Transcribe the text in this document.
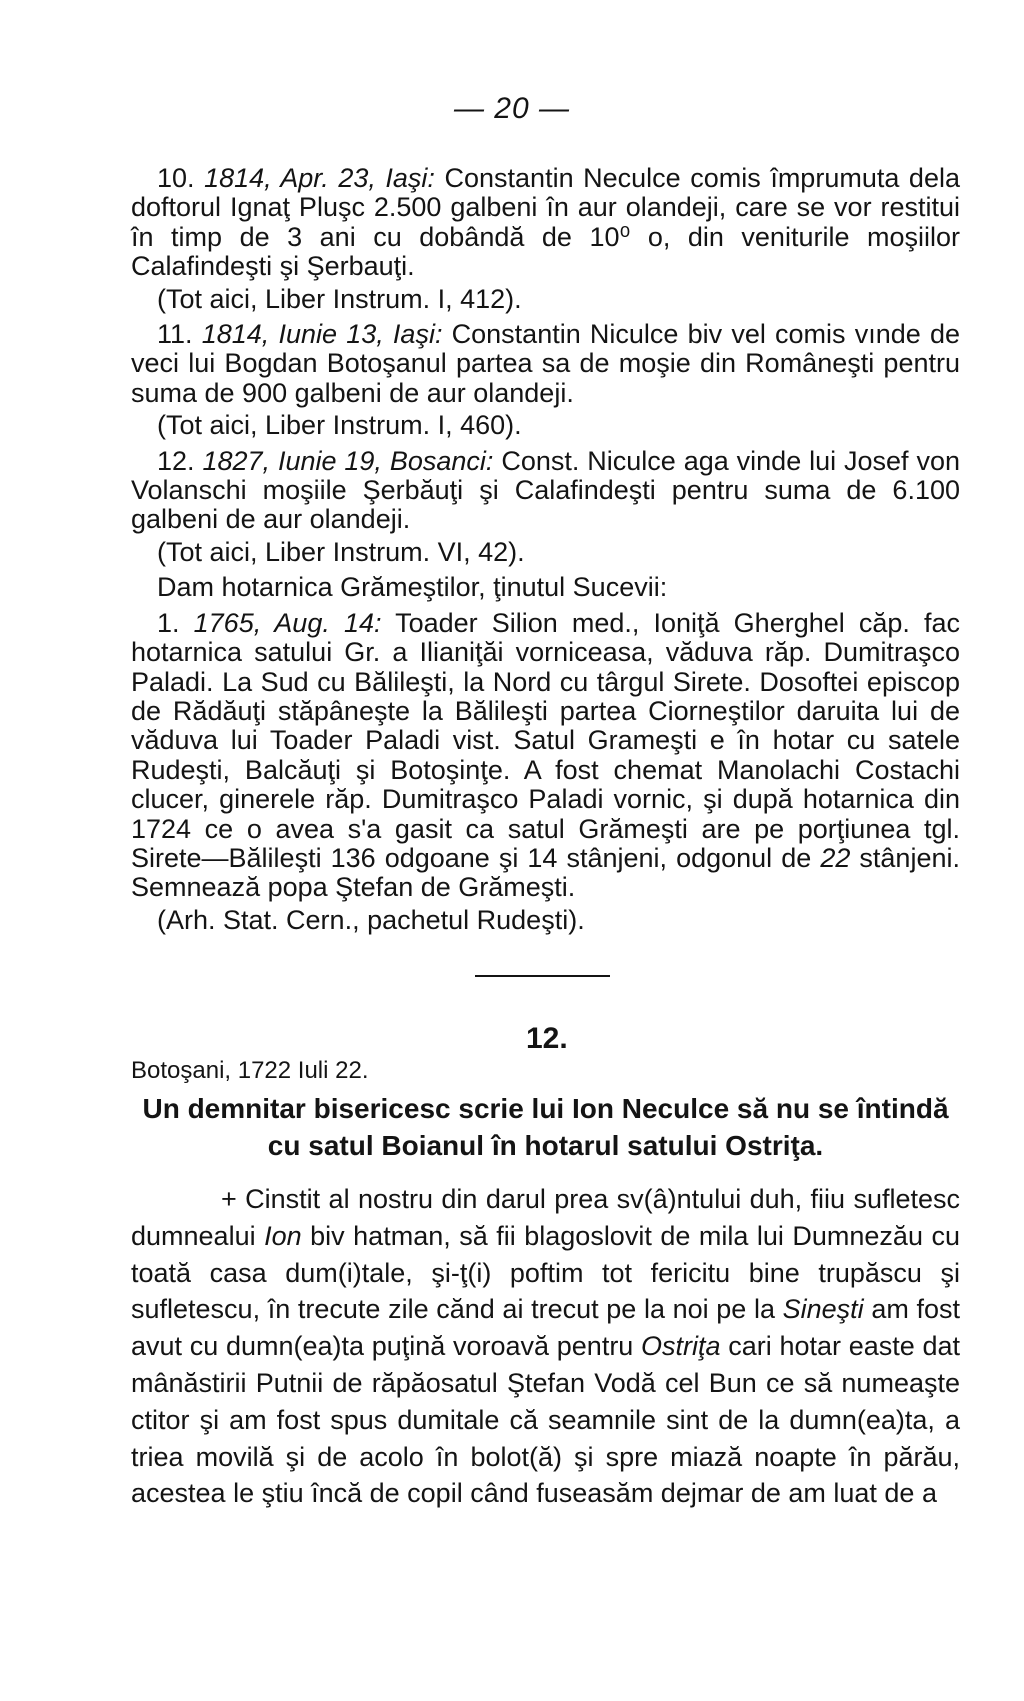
— 20 —

10. 1814, Apr. 23, Iaşi: Constantin Neculce comis împrumuta dela doftorul Ignaţ Pluşc 2.500 galbeni în aur olandeji, care se vor restitui în timp de 3 ani cu dobândă de 10⁰ o, din veniturile moşiilor Calafindeşti şi Şerbauţi.

(Tot aici, Liber Instrum. I, 412).

11. 1814, Iunie 13, Iaşi: Constantin Niculce biv vel comis vınde de veci lui Bogdan Botoşanul partea sa de moşie din Româneşti pentru suma de 900 galbeni de aur olandeji.

(Tot aici, Liber Instrum. I, 460).

12. 1827, Iunie 19, Bosanci: Const. Niculce aga vinde lui Josef von Volanschi moşiile Şerbăuţi şi Calafindeşti pentru suma de 6.100 galbeni de aur olandeji.

(Tot aici, Liber Instrum. VI, 42).

Dam hotarnica Grămeştilor, ţinutul Sucevii:

1. 1765, Aug. 14: Toader Silion med., Ioniţă Gherghel căp. fac hotarnica satului Gr. a Ilianiţăi vorniceasa, văduva răp. Dumitraşco Paladi. La Sud cu Bălileşti, la Nord cu târgul Sirete. Dosoftei episcop de Rădăuţi stăpâneşte la Bălileşti partea Ciorneştilor daruita lui de văduva lui Toader Paladi vist. Satul Grameşti e în hotar cu satele Rudeşti, Balcăuţi şi Botoşinţe. A fost chemat Manolachi Costachi clucer, ginerele răp. Dumitraşco Paladi vornic, şi după hotarnica din 1724 ce o avea s'a gasit ca satul Grămeşti are pe porţiunea tgl. Sirete—Bălileşti 136 odgoane şi 14 stânjeni, odgonul de 22 stânjeni. Semnează popa Ştefan de Grămeşti.

(Arh. Stat. Cern., pachetul Rudeşti).

12.
Botoşani, 1722 Iuli 22.
Un demnitar bisericesc scrie lui Ion Neculce să nu se întindă
cu satul Boianul în hotarul satului Ostriţa.

+ Cinstit al nostru din darul prea sv(â)ntului duh, fiiu sufletesc dumnealui Ion biv hatman, să fii blagoslovit de mila lui Dumnezău cu toată casa dum(i)tale, şi-ţ(i) poftim tot fericitu bine trupăscu şi sufletescu, în trecute zile cănd ai trecut pe la noi pe la Sineşti am fost avut cu dumn(ea)ta puţină voroavă pentru Ostriţa cari hotar easte dat mânăstirii Putnii de răpăosatul Ştefan Vodă cel Bun ce să numeaşte ctitor şi am fost spus dumitale că seamnile sint de la dumn(ea)ta, a triea movilă şi de acolo în bolot(ă) şi spre miază noapte în părău, acestea le ştiu încă de copil când fuseasăm dejmar de am luat de a
